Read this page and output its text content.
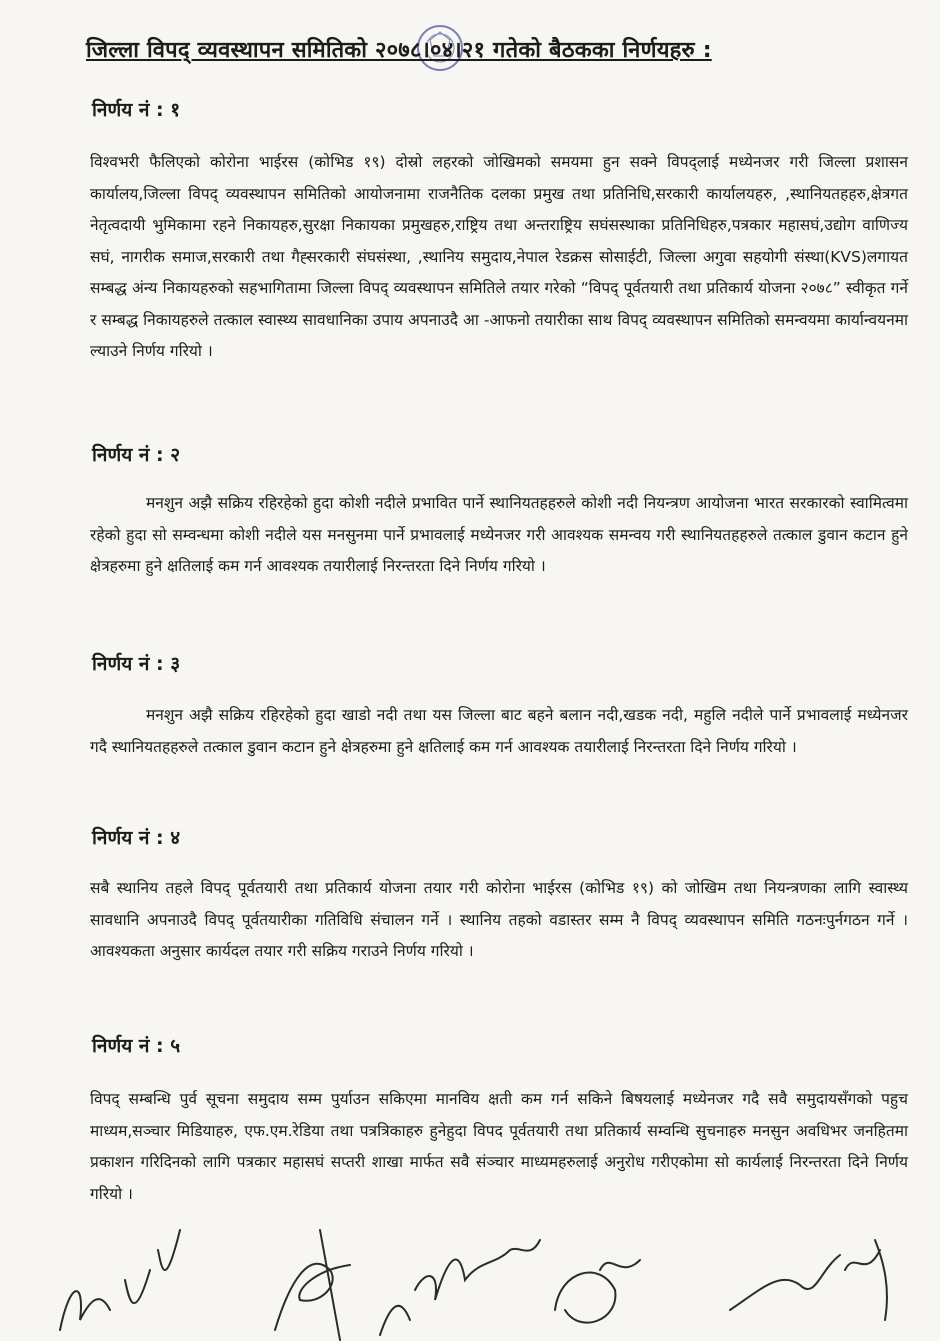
जिल्ला विपद् व्यवस्थापन समितिको २०७८।०४।२१ गतेको बैठकका निर्णयहरु :
निर्णय नं : १
विश्वभरी फैलिएको कोरोना भाईरस (कोभिड १९) दोस्रो लहरको जोखिमको समयमा हुन सक्ने विपद्लाई मध्येनजर गरी जिल्ला प्रशासन कार्यालय,जिल्ला विपद् व्यवस्थापन समितिको आयोजनामा राजनैतिक दलका प्रमुख तथा प्रतिनिधि,सरकारी कार्यालयहरु, ,स्थानियतहहरु,क्षेत्रगत नेतृत्वदायी भुमिकामा रहने निकायहरु,सुरक्षा निकायका प्रमुखहरु,राष्ट्रिय तथा अन्तराष्ट्रिय सघंसस्थाका प्रतिनिधिहरु,पत्रकार महासघं,उद्योग वाणिज्य सघं, नागरीक समाज,सरकारी तथा गैह्सरकारी संघसंस्था, ,स्थानिय समुदाय,नेपाल रेडक्रस सोसाईटी, जिल्ला अगुवा सहयोगी संस्था(KVS)लगायत सम्बद्ध अंन्य निकायहरुको सहभागितामा जिल्ला विपद् व्यवस्थापन समितिले तयार गरेको “विपद् पूर्वतयारी तथा प्रतिकार्य योजना २०७८” स्वीकृत गर्ने र सम्बद्ध निकायहरुले तत्काल स्वास्थ्य सावधानिका उपाय अपनाउदै आ -आफनो तयारीका साथ विपद् व्यवस्थापन समितिको समन्वयमा कार्यान्वयनमा ल्याउने निर्णय गरियो ।
निर्णय नं : २
मनशुन अझै सक्रिय रहिरहेको हुदा कोशी नदीले प्रभावित पार्ने स्थानियतहहरुले कोशी नदी नियन्त्रण आयोजना भारत सरकारको स्वामित्वमा रहेको हुदा सो सम्वन्धमा कोशी नदीले यस मनसुनमा पार्ने प्रभावलाई मध्येनजर गरी आवश्यक समन्वय गरी स्थानियतहहरुले तत्काल डुवान कटान हुने क्षेत्रहरुमा हुने क्षतिलाई कम गर्न आवश्यक तयारीलाई निरन्तरता दिने निर्णय गरियो ।
निर्णय नं : ३
मनशुन अझै सक्रिय रहिरहेको हुदा खाडो नदी तथा यस जिल्ला बाट बहने बलान नदी,खडक नदी, महुलि नदीले पार्ने प्रभावलाई मध्येनजर गदै स्थानियतहहरुले तत्काल डुवान कटान हुने क्षेत्रहरुमा हुने क्षतिलाई कम गर्न आवश्यक तयारीलाई निरन्तरता दिने निर्णय गरियो ।
निर्णय नं : ४
सबै स्थानिय तहले विपद् पूर्वतयारी तथा प्रतिकार्य योजना तयार गरी कोरोना भाईरस (कोभिड १९) को जोखिम तथा नियन्त्रणका लागि स्वास्थ्य सावधानि अपनाउदै विपद् पूर्वतयारीका गतिविधि संचालन गर्ने । स्थानिय तहको वडास्तर सम्म नै विपद् व्यवस्थापन समिति गठनःपुर्नगठन गर्ने । आवश्यकता अनुसार कार्यदल तयार गरी सक्रिय गराउने निर्णय गरियो ।
निर्णय नं : ५
विपद् सम्बन्धि पुर्व सूचना समुदाय सम्म पुर्याउन सकिएमा मानविय क्षती कम गर्न सकिने बिषयलाई मध्येनजर गदै सवै समुदायसँगको पहुच माध्यम,सञ्चार मिडियाहरु, एफ.एम.रेडिया तथा पत्रत्रिकाहरु हुनेहुदा विपद पूर्वतयारी तथा प्रतिकार्य सम्वन्धि सुचनाहरु मनसुन अवधिभर जनहितमा प्रकाशन गरिदिनको लागि पत्रकार महासघं सप्तरी शाखा मार्फत सवै संञ्चार माध्यमहरुलाई अनुरोध गरीएकोमा सो कार्यलाई निरन्तरता दिने निर्णय गरियो ।
